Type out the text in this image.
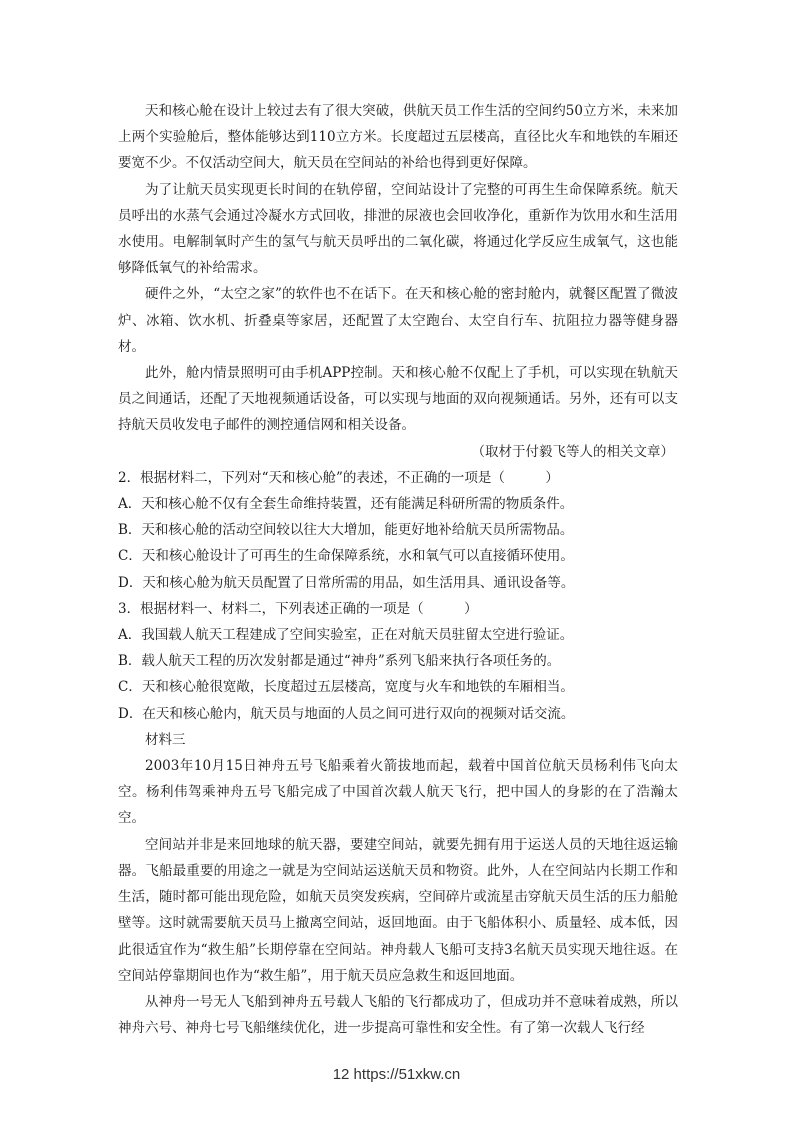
天和核心舱在设计上较过去有了很大突破，供航天员工作生活的空间约50立方米，未来加上两个实验舱后，整体能够达到110立方米。长度超过五层楼高，直径比火车和地铁的车厢还要宽不少。不仅活动空间大，航天员在空间站的补给也得到更好保障。

为了让航天员实现更长时间的在轨停留，空间站设计了完整的可再生生命保障系统。航天员呼出的水蒸气会通过冷凝水方式回收，排泄的尿液也会回收净化，重新作为饮用水和生活用水使用。电解制氧时产生的氢气与航天员呼出的二氧化碳，将通过化学反应生成氧气，这也能够降低氧气的补给需求。

硬件之外，“太空之家”的软件也不在话下。在天和核心舱的密封舱内，就餐区配置了微波炉、冰箱、饮水机、折叠桌等家居，还配置了太空跑台、太空自行车、抗阻拉力器等健身器材。

此外，舱内情景照明可由手机APP控制。天和核心舱不仅配上了手机，可以实现在轨航天员之间通话，还配了天地视频通话设备，可以实现与地面的双向视频通话。另外，还有可以支持航天员收发电子邮件的测控通信网和相关设备。

（取材于付毅飞等人的相关文章）

2．根据材料二，下列对“天和核心舱”的表述，不正确的一项是（　　　）

A．天和核心舱不仅有全套生命维持装置，还有能满足科研所需的物质条件。

B．天和核心舱的活动空间较以往大大增加，能更好地补给航天员所需物品。

C．天和核心舱设计了可再生的生命保障系统，水和氧气可以直接循环使用。

D．天和核心舱为航天员配置了日常所需的用品，如生活用具、通讯设备等。

3．根据材料一、材料二，下列表述正确的一项是（　　　）

A．我国载人航天工程建成了空间实验室，正在对航天员驻留太空进行验证。

B．载人航天工程的历次发射都是通过“神舟”系列飞船来执行各项任务的。

C．天和核心舱很宽敞，长度超过五层楼高，宽度与火车和地铁的车厢相当。

D．在天和核心舱内，航天员与地面的人员之间可进行双向的视频对话交流。

材料三

2003年10月15日神舟五号飞船乘着火箭拔地而起，载着中国首位航天员杨利伟飞向太空。杨利伟驾乘神舟五号飞船完成了中国首次载人航天飞行，把中国人的身影的在了浩瀚太空。

空间站并非是来回地球的航天器，要建空间站，就要先拥有用于运送人员的天地往返运输器。飞船最重要的用途之一就是为空间站运送航天员和物资。此外，人在空间站内长期工作和生活，随时都可能出现危险，如航天员突发疾病，空间碎片或流星击穿航天员生活的压力船舱壁等。这时就需要航天员马上撤离空间站，返回地面。由于飞船体积小、质量轻、成本低，因此很适宜作为“救生船”长期停靠在空间站。神舟载人飞船可支持3名航天员实现天地往返。在空间站停靠期间也作为“救生船”，用于航天员应急救生和返回地面。

从神舟一号无人飞船到神舟五号载人飞船的飞行都成功了，但成功并不意味着成熟，所以神舟六号、神舟七号飞船继续优化，进一步提高可靠性和安全性。有了第一次载人飞行经

12 https://51xkw.cn
